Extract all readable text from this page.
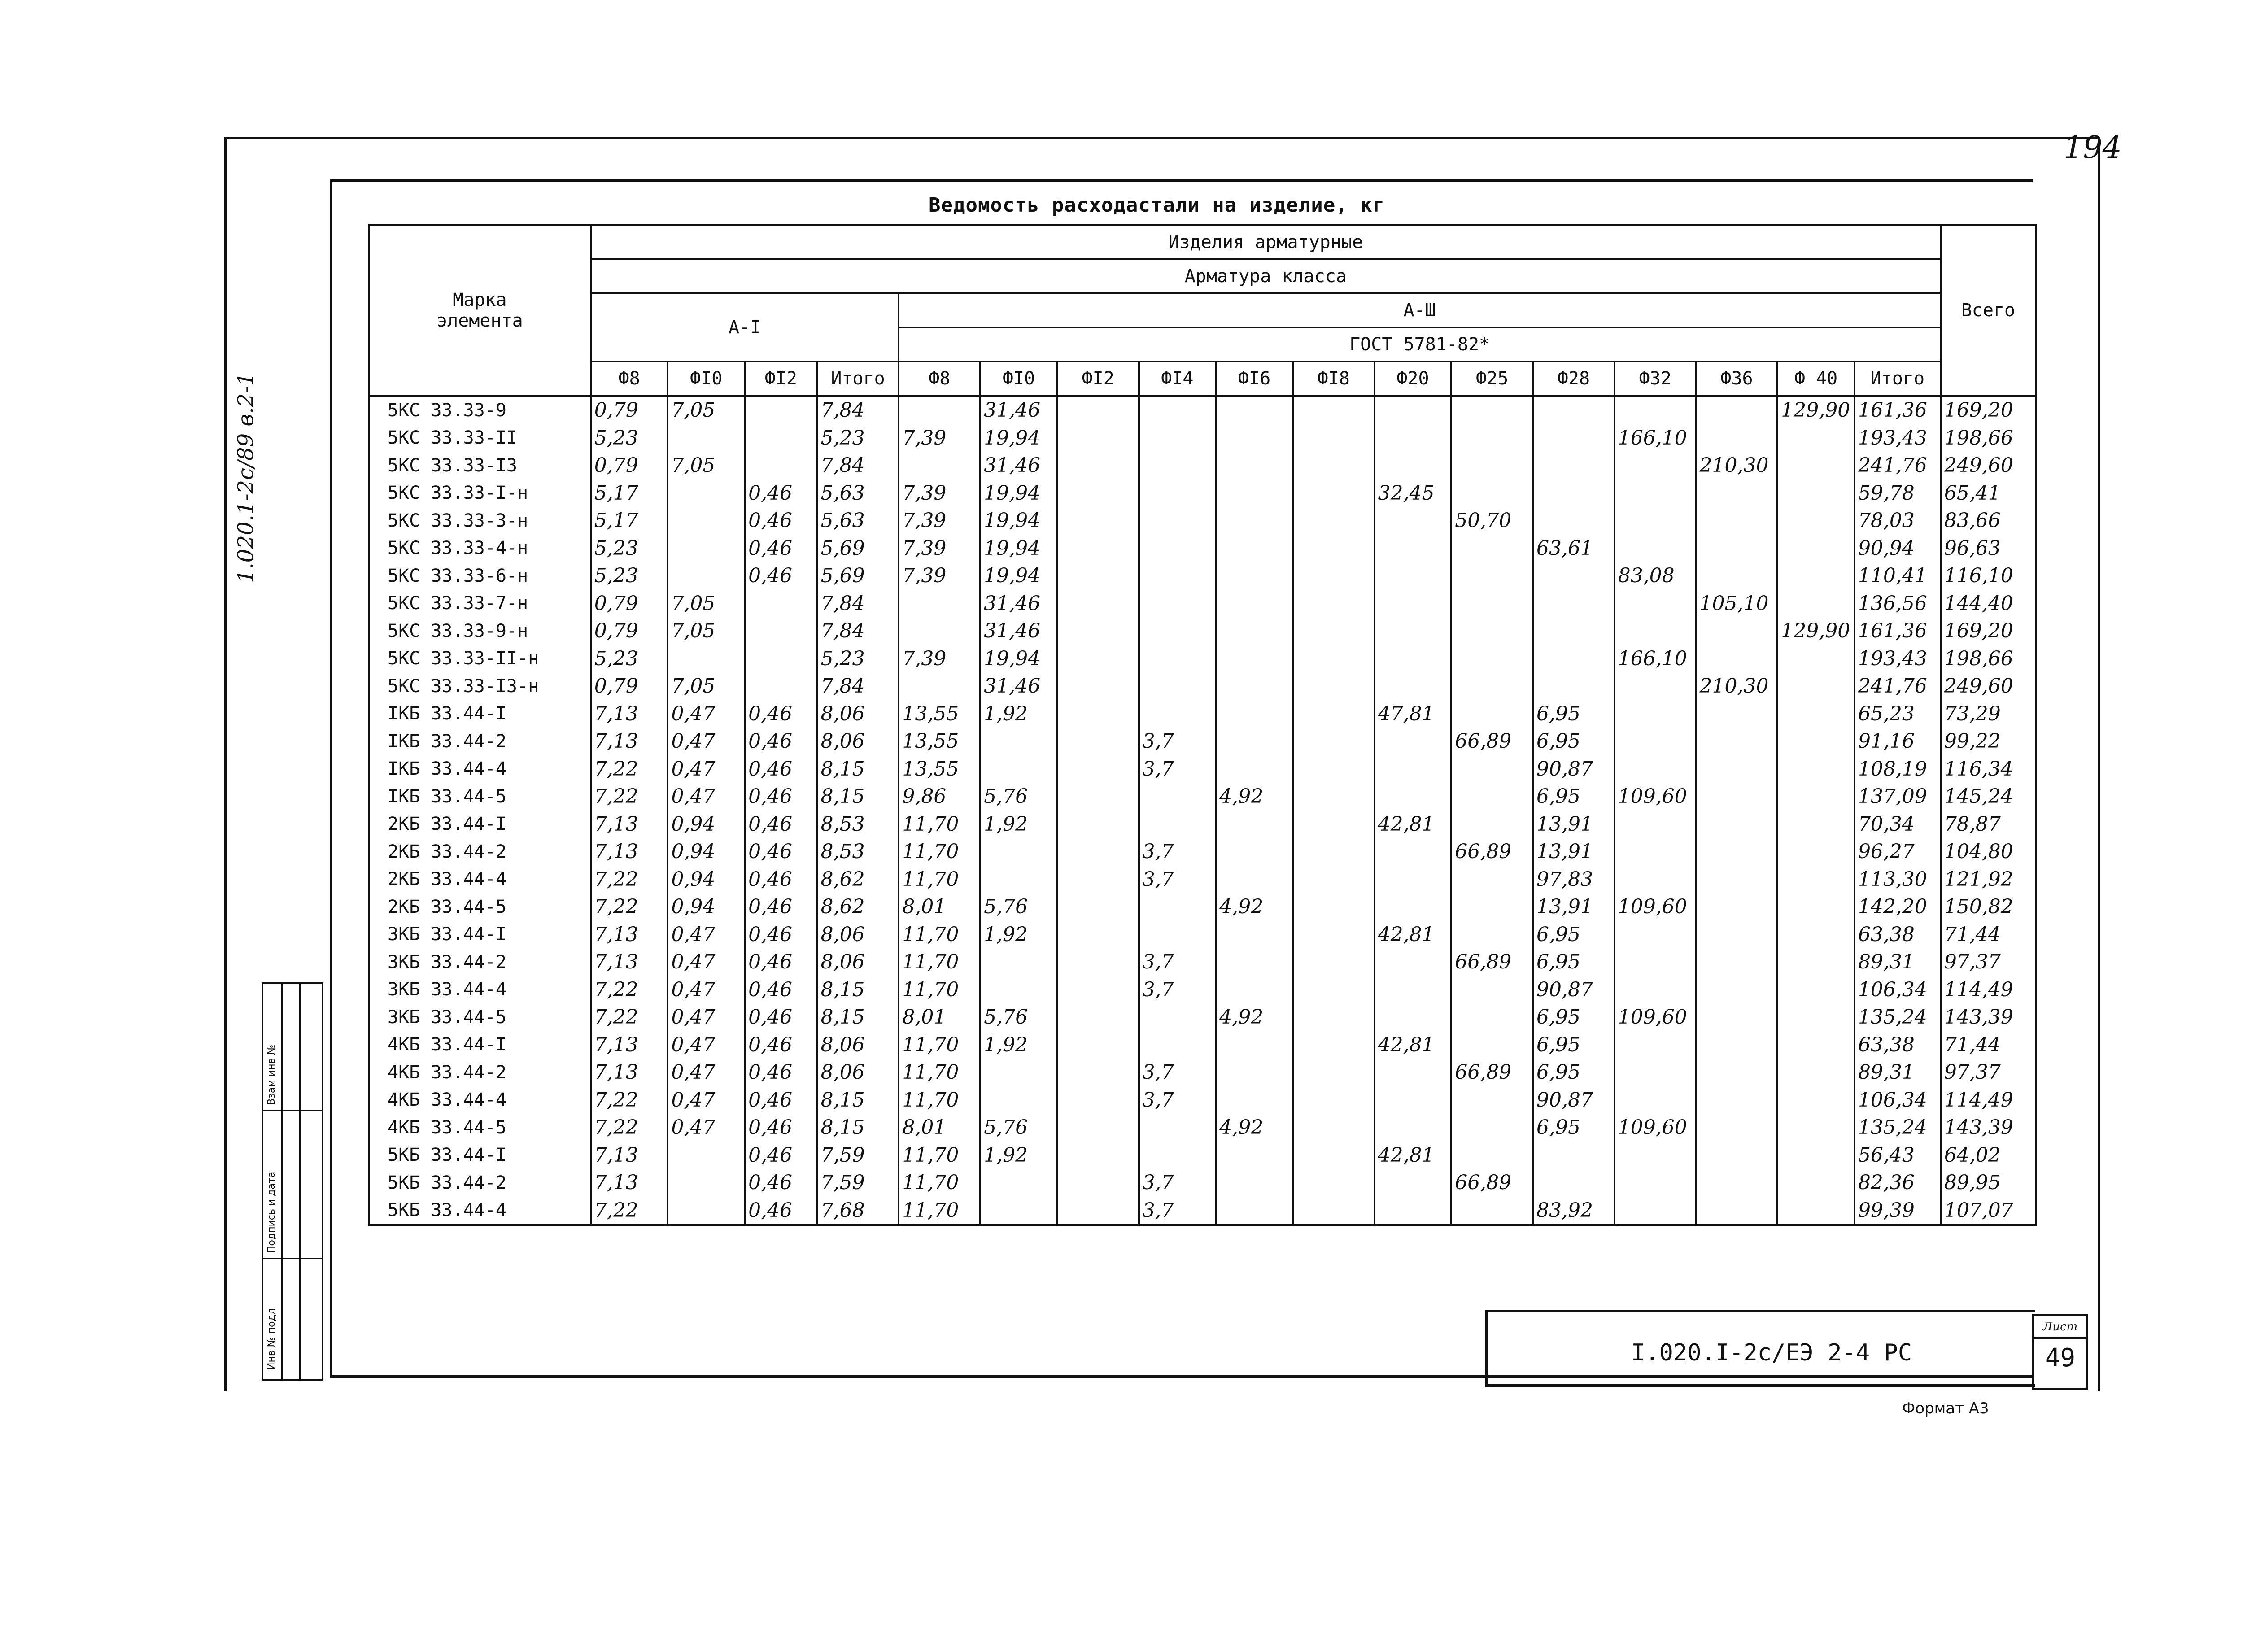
194
Ведомость расходастали на изделие, кг
1.020.1-2с/89 в.2-1
Инв № подл
Подпись и дата
Взам инв №
Марка элемента	Изделия арматурные																	Всего
	Арматура класса																	
	А-I				А-Ш													
					ГОСТ 5781-82*													
	Ф8	ФI0	ФI2	Итого	Ф8	ФI0	ФI2	ФI4	ФI6	ФI8	Ф20	Ф25	Ф28	Ф32	Ф36	Ф 40	Итого	
5КС 33.33-9	0,79	7,05		7,84		31,46										129,90	161,36	169,20
5КС 33.33-II	5,23			5,23	7,39	19,94								166,10			193,43	198,66
5КС 33.33-I3	0,79	7,05		7,84		31,46									210,30		241,76	249,60
5КС 33.33-I-н	5,17		0,46	5,63	7,39	19,94					32,45						59,78	65,41
5КС 33.33-3-н	5,17		0,46	5,63	7,39	19,94						50,70					78,03	83,66
5КС 33.33-4-н	5,23		0,46	5,69	7,39	19,94							63,61				90,94	96,63
5КС 33.33-6-н	5,23		0,46	5,69	7,39	19,94								83,08			110,41	116,10
5КС 33.33-7-н	0,79	7,05		7,84		31,46									105,10		136,56	144,40
5КС 33.33-9-н	0,79	7,05		7,84		31,46										129,90	161,36	169,20
5КС 33.33-II-н	5,23			5,23	7,39	19,94								166,10			193,43	198,66
5КС 33.33-I3-н	0,79	7,05		7,84		31,46									210,30		241,76	249,60
IКБ 33.44-I	7,13	0,47	0,46	8,06	13,55	1,92					47,81		6,95				65,23	73,29
IКБ 33.44-2	7,13	0,47	0,46	8,06	13,55			3,7				66,89	6,95				91,16	99,22
IКБ 33.44-4	7,22	0,47	0,46	8,15	13,55			3,7					90,87				108,19	116,34
IКБ 33.44-5	7,22	0,47	0,46	8,15	9,86	5,76			4,92				6,95	109,60			137,09	145,24
2КБ 33.44-I	7,13	0,94	0,46	8,53	11,70	1,92					42,81		13,91				70,34	78,87
2КБ 33.44-2	7,13	0,94	0,46	8,53	11,70			3,7				66,89	13,91				96,27	104,80
2КБ 33.44-4	7,22	0,94	0,46	8,62	11,70			3,7					97,83				113,30	121,92
2КБ 33.44-5	7,22	0,94	0,46	8,62	8,01	5,76			4,92				13,91	109,60			142,20	150,82
3КБ 33.44-I	7,13	0,47	0,46	8,06	11,70	1,92					42,81		6,95				63,38	71,44
3КБ 33.44-2	7,13	0,47	0,46	8,06	11,70			3,7				66,89	6,95				89,31	97,37
3КБ 33.44-4	7,22	0,47	0,46	8,15	11,70			3,7					90,87				106,34	114,49
3КБ 33.44-5	7,22	0,47	0,46	8,15	8,01	5,76			4,92				6,95	109,60			135,24	143,39
4КБ 33.44-I	7,13	0,47	0,46	8,06	11,70	1,92					42,81		6,95				63,38	71,44
4КБ 33.44-2	7,13	0,47	0,46	8,06	11,70			3,7				66,89	6,95				89,31	97,37
4КБ 33.44-4	7,22	0,47	0,46	8,15	11,70			3,7					90,87				106,34	114,49
4КБ 33.44-5	7,22	0,47	0,46	8,15	8,01	5,76			4,92				6,95	109,60			135,24	143,39
5КБ 33.44-I	7,13		0,46	7,59	11,70	1,92					42,81						56,43	64,02
5КБ 33.44-2	7,13		0,46	7,59	11,70			3,7				66,89					82,36	89,95
5КБ 33.44-4	7,22		0,46	7,68	11,70			3,7					83,92				99,39	107,07
I.020.I-2с/ЕЭ 2-4 РС
Лист
49
Формат А3
